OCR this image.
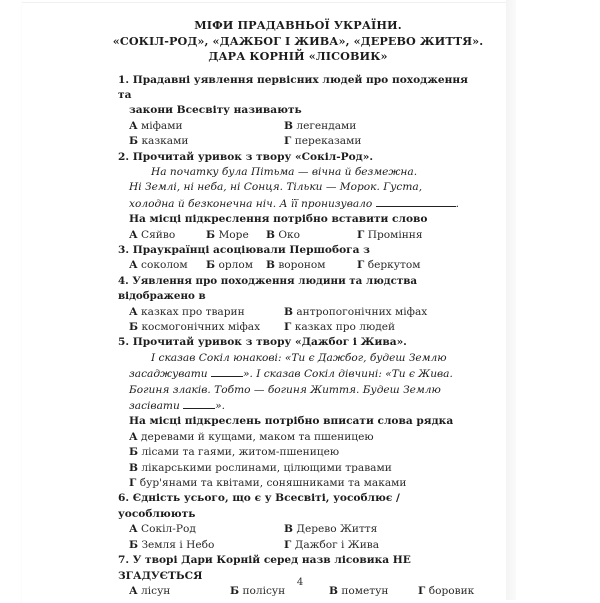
МІФИ ПРАДАВНЬОЇ УКРАЇНИ.
«СОКІЛ-РОД», «ДАЖБОГ І ЖИВА», «ДЕРЕВО ЖИТТЯ».
ДАРА КОРНІЙ «ЛІСОВИК»
1. Прадавні уявлення первісних людей про походження та
закони Всесвіту називають
А міфами	В легендами
Б казками	Г переказами
2. Прочитай уривок з твору «Сокіл-Род».
На початку була Пітьма — вічна й безмежна.
Ні Землі, ні неба, ні Сонця. Тільки — Морок. Густа,
холодна й безконечна ніч. А її пронизувало	.
На місці підкреслення потрібно вставити слово
А Сяйво	Б Море	В Око	Г Проміння
3. Праукраїнці асоціювали Першобога з
А соколом	Б орлом	В вороном	Г беркутом
4. Уявлення про походження людини та людства відображено в
А казках про тварин	В антропогонічних міфах
Б космогонічних міфах	Г казках про людей
5. Прочитай уривок з твору «Дажбог і Жива».
І сказав Сокіл юнакові: «Ти є Дажбог, будеш Землю
засаджувати	». І сказав Сокіл дівчині: «Ти є Жива.
Богиня злаків. Тобто — богиня Життя. Будеш Землю
засівати	».
На місці підкреслень потрібно вписати слова рядка
А деревами й кущами, маком та пшеницею
Б лісами та гаями, житом-пшеницею
В лікарськими рослинами, цілющими травами
Г бур'янами та квітами, соняшниками та маками
6. Єдність усього, що є у Всесвіті, уособлює / уособлюють
А Сокіл-Род	В Дерево Життя
Б Земля і Небо	Г Дажбог і Жива
7. У творі Дари Корній серед назв лісовика НЕ ЗГАДУЄТЬСЯ
А лісун	Б полісун	В пометун	Г боровик
4
